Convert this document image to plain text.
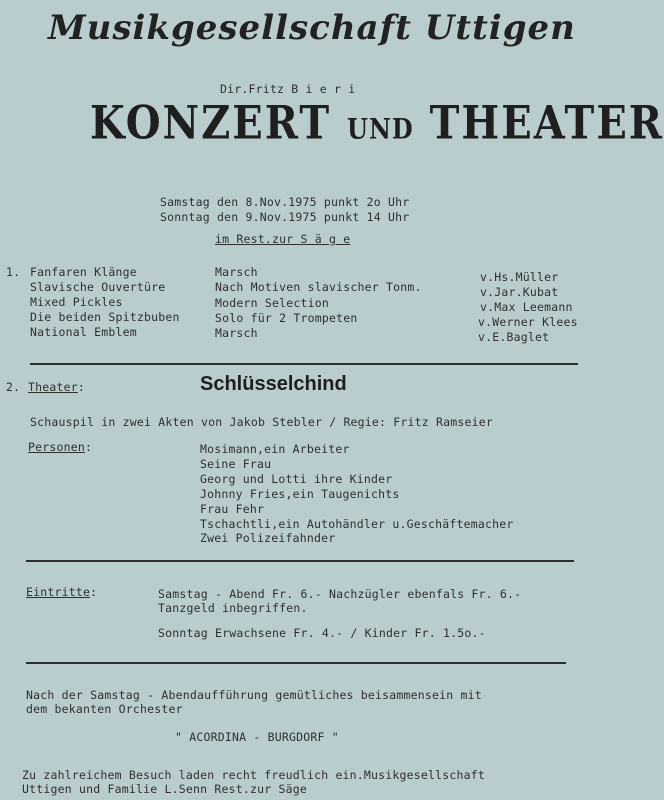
Musikgesellschaft Uttigen
Dir.Fritz B i e r i
KONZERT UND THEATER
Samstag den 8.Nov.1975 punkt 2o Uhr
Sonntag den 9.Nov.1975 punkt 14 Uhr
im Rest.zur S ä g e
1. Fanfaren Klänge	Marsch	v.Hs.Müller
Slavische Ouvertüre	Nach Motiven slavischer Tonm.	v.Jar.Kubat
Mixed Pickles	Modern Selection	v.Max Leemann
Die beiden Spitzbuben	Solo für 2 Trompeten	v.Werner Klees
National Emblem	Marsch	v.E.Baglet
2. Theater:	Schlüsselchind
Schauspil in zwei Akten von Jakob Stebler / Regie: Fritz Ramseier
Personen:	Mosimann,ein Arbeiter
Seine Frau
Georg und Lotti ihre Kinder
Johnny Fries,ein Taugenichts
Frau Fehr
Tschachtli,ein Autohändler u.Geschäftemacher
Zwei Polizeifahnder
Eintritte:	Samstag - Abend Fr. 6.- Nachzügler ebenfals Fr. 6.-
Tanzgeld inbegriffen.
Sonntag Erwachsene Fr. 4.- / Kinder Fr. 1.5o.-
Nach der Samstag - Abendaufführung gemütliches beisammensein mit
dem bekanten Orchester
" ACORDINA - BURGDORF "
Zu zahlreichem Besuch laden recht freudlich ein.Musikgesellschaft
Uttigen und Familie L.Senn Rest.zur Säge
